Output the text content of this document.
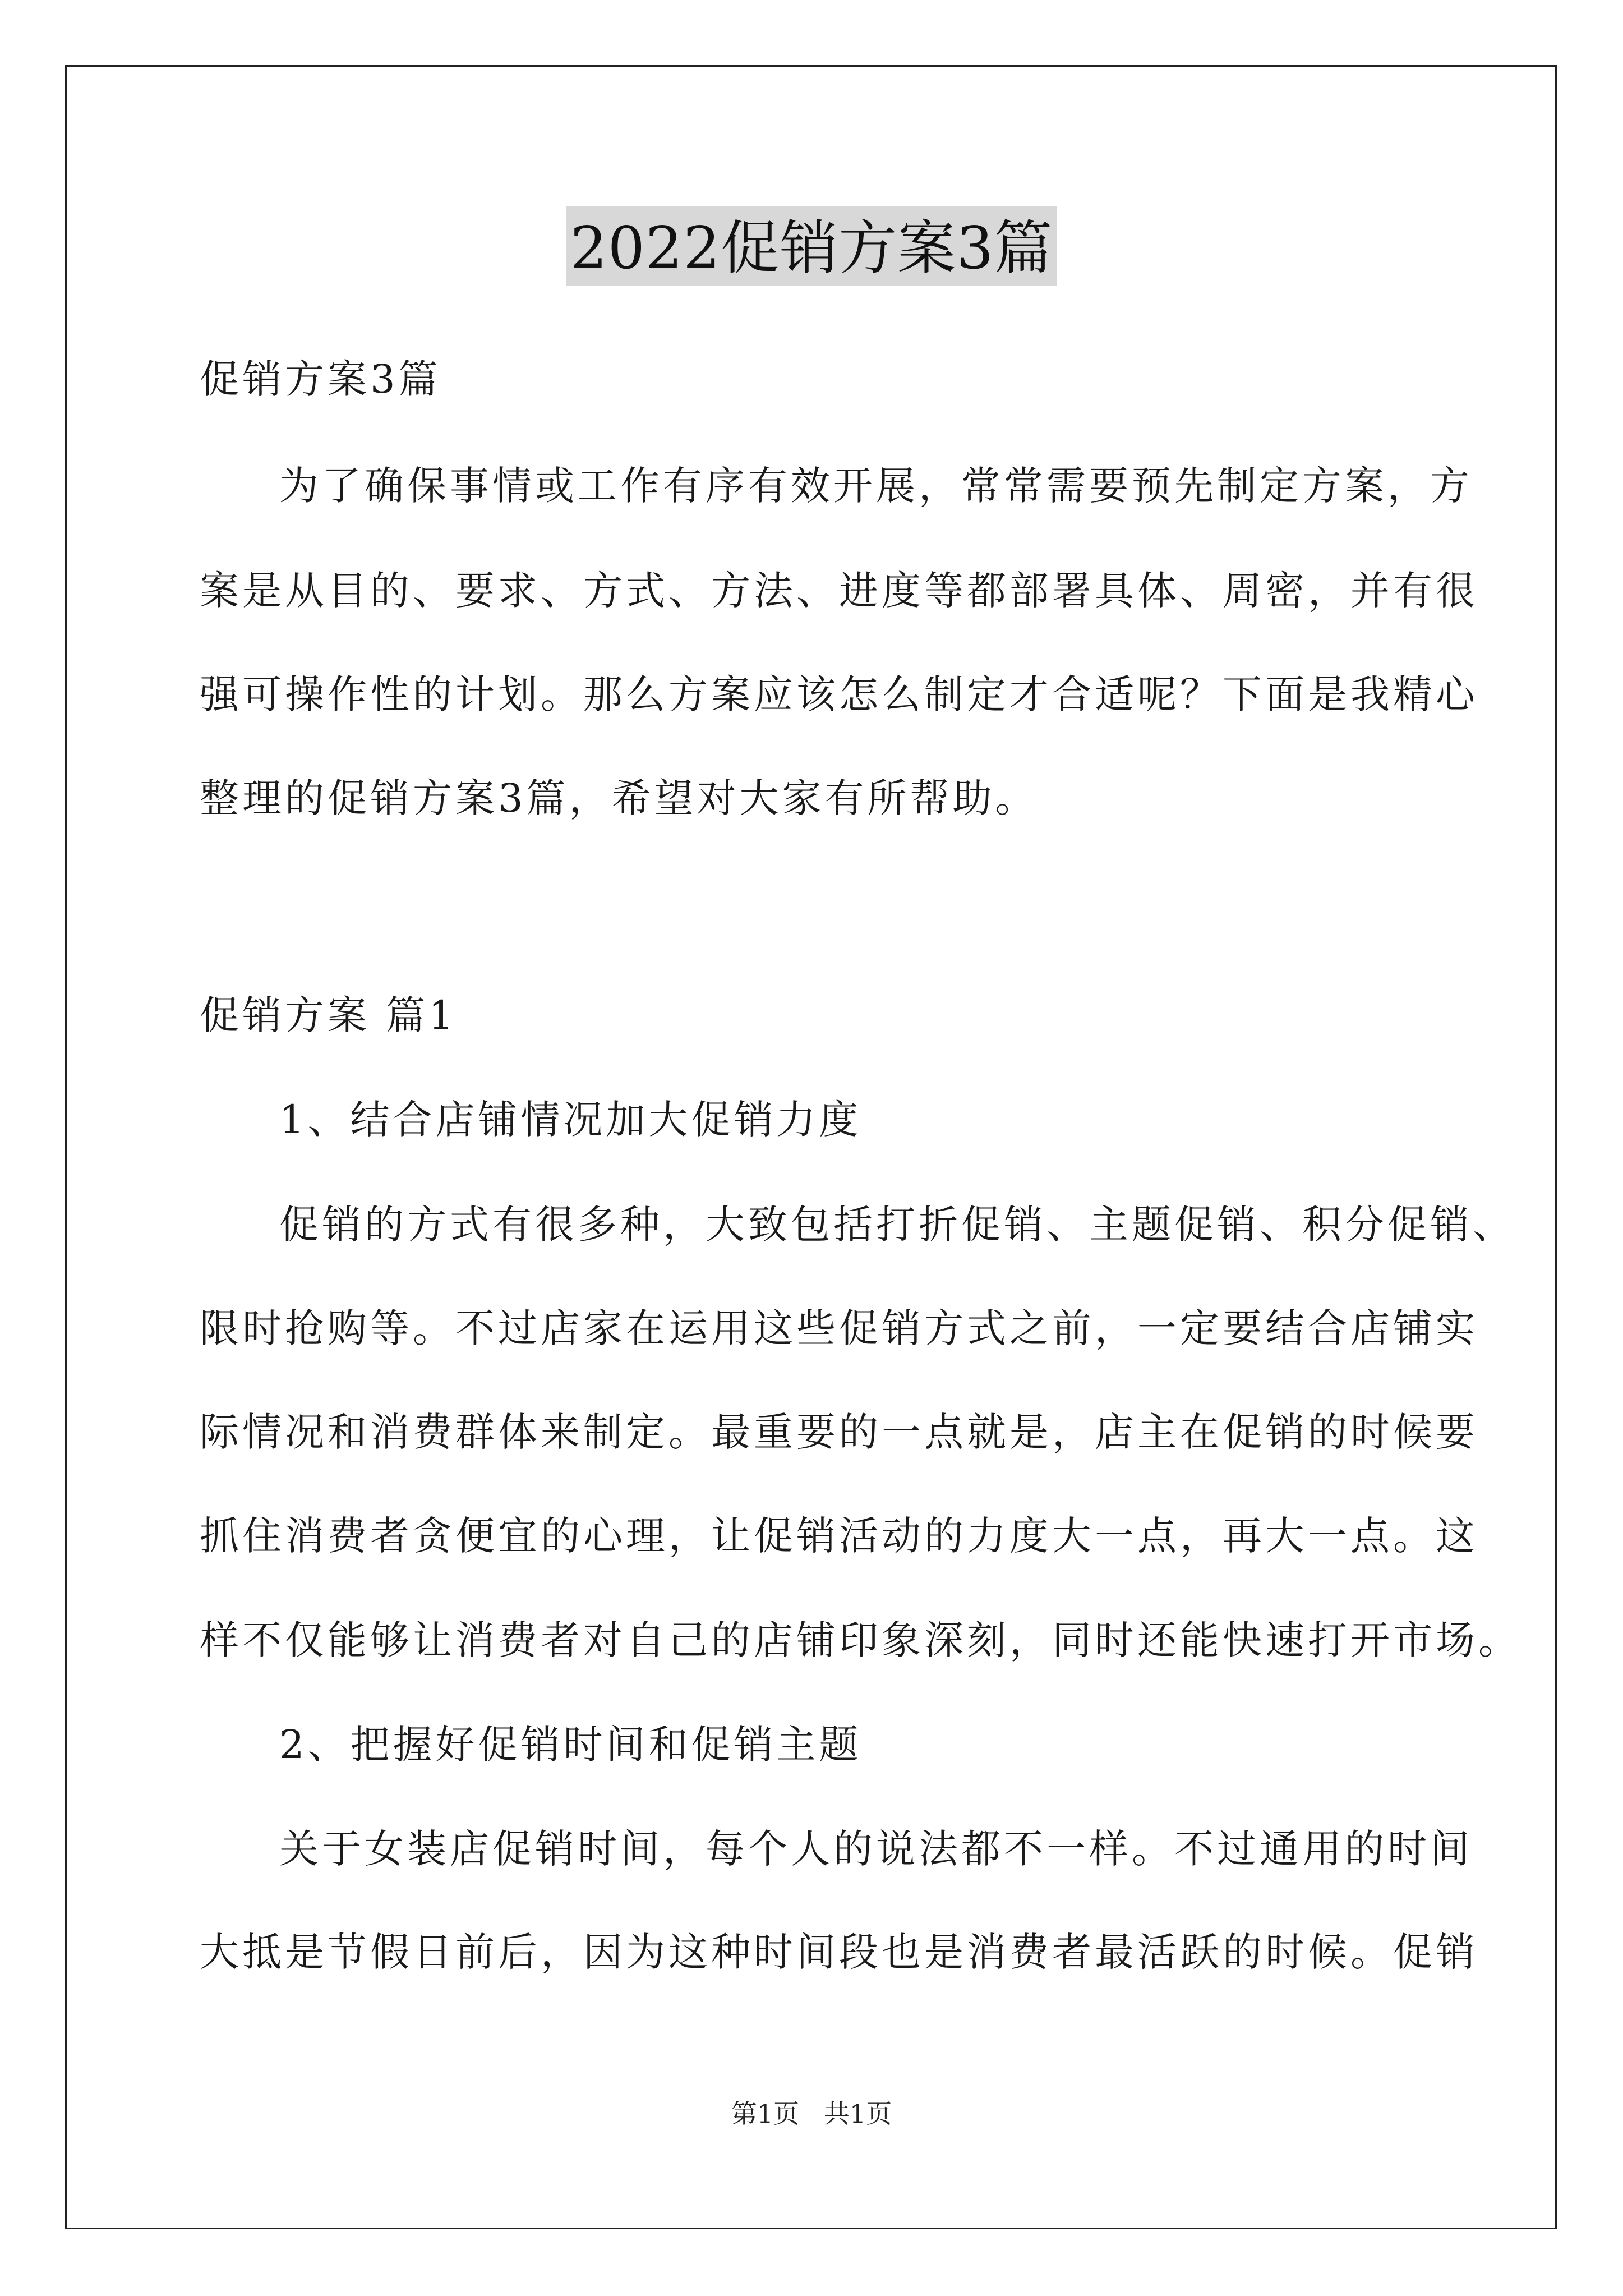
2022促销方案3篇
促销方案3篇
为了确保事情或工作有序有效开展，常常需要预先制定方案，方
案是从目的、要求、方式、方法、进度等都部署具体、周密，并有很
强可操作性的计划。那么方案应该怎么制定才合适呢？下面是我精心
整理的促销方案3篇，希望对大家有所帮助。
促销方案 篇1
1、结合店铺情况加大促销力度
促销的方式有很多种，大致包括打折促销、主题促销、积分促销、
限时抢购等。不过店家在运用这些促销方式之前，一定要结合店铺实
际情况和消费群体来制定。最重要的一点就是，店主在促销的时候要
抓住消费者贪便宜的心理，让促销活动的力度大一点，再大一点。这
样不仅能够让消费者对自己的店铺印象深刻，同时还能快速打开市场。
2、把握好促销时间和促销主题
关于女装店促销时间，每个人的说法都不一样。不过通用的时间
大抵是节假日前后，因为这种时间段也是消费者最活跃的时候。促销
第1页   共1页
